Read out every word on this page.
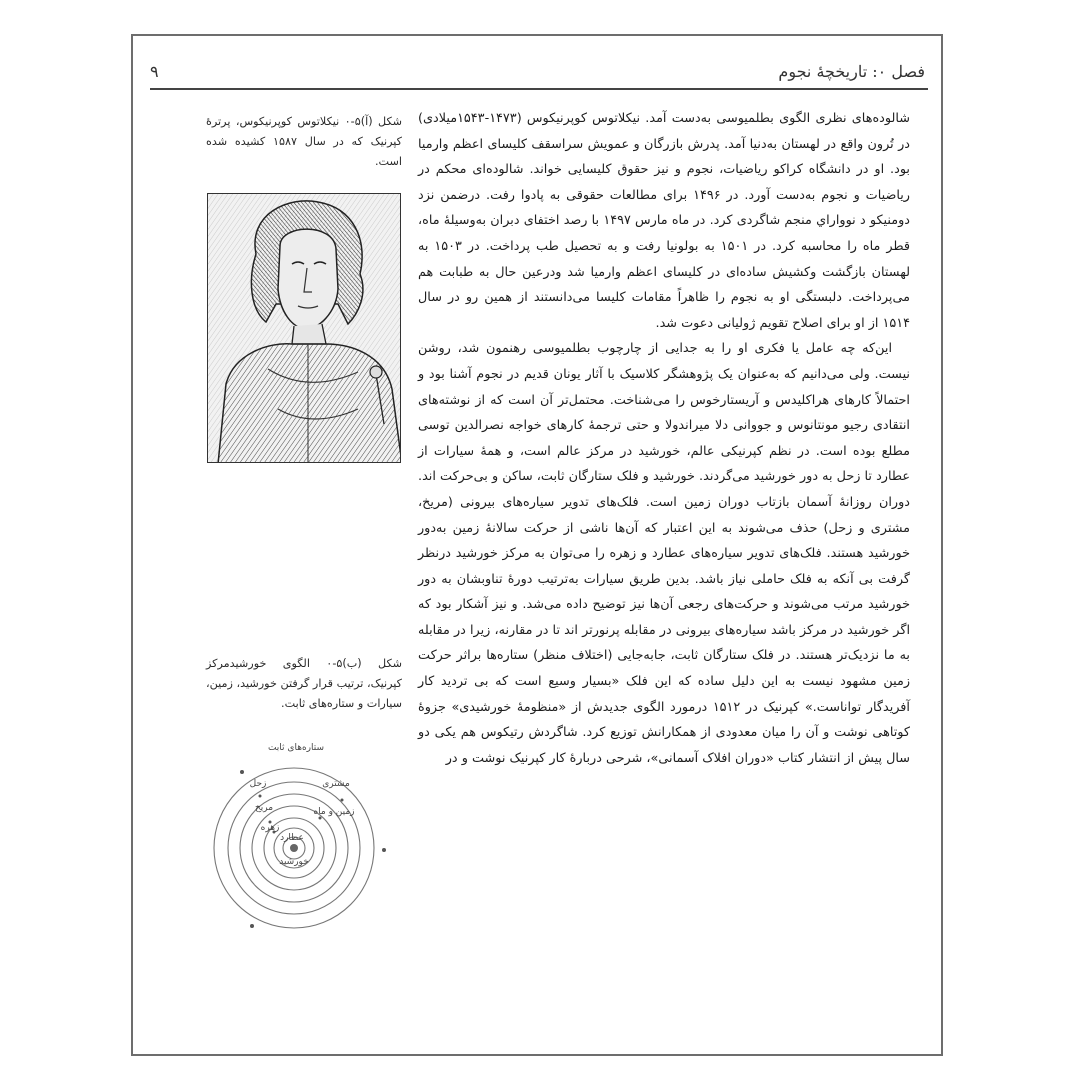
فصل ۰: تاریخچهٔ نجوم
۹

شالوده‌های نظری الگوی بطلمیوسی به‌دست آمد. نیکلاتوس کوپرنیکوس (۱۴۷۳-۱۵۴۳میلادی) در تُرون واقع در لهستان به‌دنیا آمد. پدرش بازرگان و عمویش سراسقف کلیسای اعظم وارمیا بود. او در دانشگاه کراکو ریاضیات، نجوم و نیز حقوق کلیسایی خواند. شالوده‌ای محکم در ریاضیات و نجوم به‌دست آورد. در ۱۴۹۶ برای مطالعات حقوقی به پادوا رفت. درضمن نزد دومنیکو د نوواراي منجم شاگردی کرد. در ماه مارس ۱۴۹۷ با رصد اختفای دبران به‌وسیلهٔ ماه، قطر ماه را محاسبه کرد. در ۱۵۰۱ به بولونیا رفت و به تحصیل طب پرداخت. در ۱۵۰۳ به لهستان بازگشت وکشیش ساده‌ای در کلیسای اعظم وارمیا شد ودرعین حال به طبابت هم می‌پرداخت. دلبستگی او به نجوم را ظاهراً مقامات کلیسا می‌دانستند از همین رو در سال ۱۵۱۴ از او برای اصلاح تقویم ژولیانی دعوت شد.

این‌که چه عامل یا فکری او را به جدایی از چارچوب بطلمیوسی رهنمون شد، روشن نیست. ولی می‌دانیم که به‌عنوان یک پژوهشگر کلاسیک با آثار یونان قدیم در نجوم آشنا بود و احتمالاً کارهای هراکلیدس و آریستارخوس را می‌شناخت. محتمل‌تر آن است که از نوشته‌های انتقادی رجیو مونتانوس و جووانی دلا میراندولا و حتی ترجمهٔ کارهای خواجه نصرالدین توسی مطلع بوده است. در نظم کپرنیکی عالم، خورشید در مرکز عالم است، و همهٔ سیارات از عطارد تا زحل به دور خورشید می‌گردند. خورشید و فلک ستارگان ثابت، ساکن و بی‌حرکت اند. دوران روزانهٔ آسمان بازتاب دوران زمین است. فلک‌های تدویر سیاره‌های بیرونی (مریخ، مشتری و زحل) حذف می‌شوند به این اعتبار که آن‌ها ناشی از حرکت سالانهٔ زمین به‌دور خورشید هستند. فلک‌های تدویر سیاره‌های عطارد و زهره را می‌توان به مرکز خورشید درنظر گرفت بی آنکه به فلک حاملی نیاز باشد. بدین طریق سیارات به‌ترتیب دورهٔ تناوبشان به دور خورشید مرتب می‌شوند و حرکت‌های رجعی آن‌ها نیز توضیح داده می‌شد. و نیز آشکار بود که اگر خورشید در مرکز باشد سیاره‌های بیرونی در مقابله پرنورتر اند تا در مقارنه، زیرا در مقابله به ما نزدیک‌تر هستند. در فلک ستارگان ثابت، جابه‌جایی (اختلاف منظر) ستاره‌ها براثر حرکت زمین مشهود نیست به این دلیل ساده که این فلک «بسیار وسیع است که بی تردید کار آفریدگار تواناست.» کپرنیک در ۱۵۱۲ درمورد الگوی جدیدش از «منظومهٔ خورشیدی» جزوهٔ کوتاهی نوشت و آن را میان معدودی از همکارانش توزیع کرد. شاگردش رتیکوس هم یکی دو سال پیش از انتشار کتاب «دوران افلاک آسمانی»، شرحی دربارهٔ کار کپرنیک نوشت و در

شکل (آ)۵-۰ نیکلاتوس کوپرنیکوس، پرترهٔ کپرنیک که در سال ۱۵۸۷ کشیده شده است.
شکل (ب)۵-۰ الگوی خورشیدمرکز کپرنیک، ترتیب قرار گرفتن خورشید، زمین، سیارات و ستاره‌های ثابت.
ستاره‌های ثابت
زحل	مشتری
مریخ	زمین و ماه
زهره
عطارد
خورشید
